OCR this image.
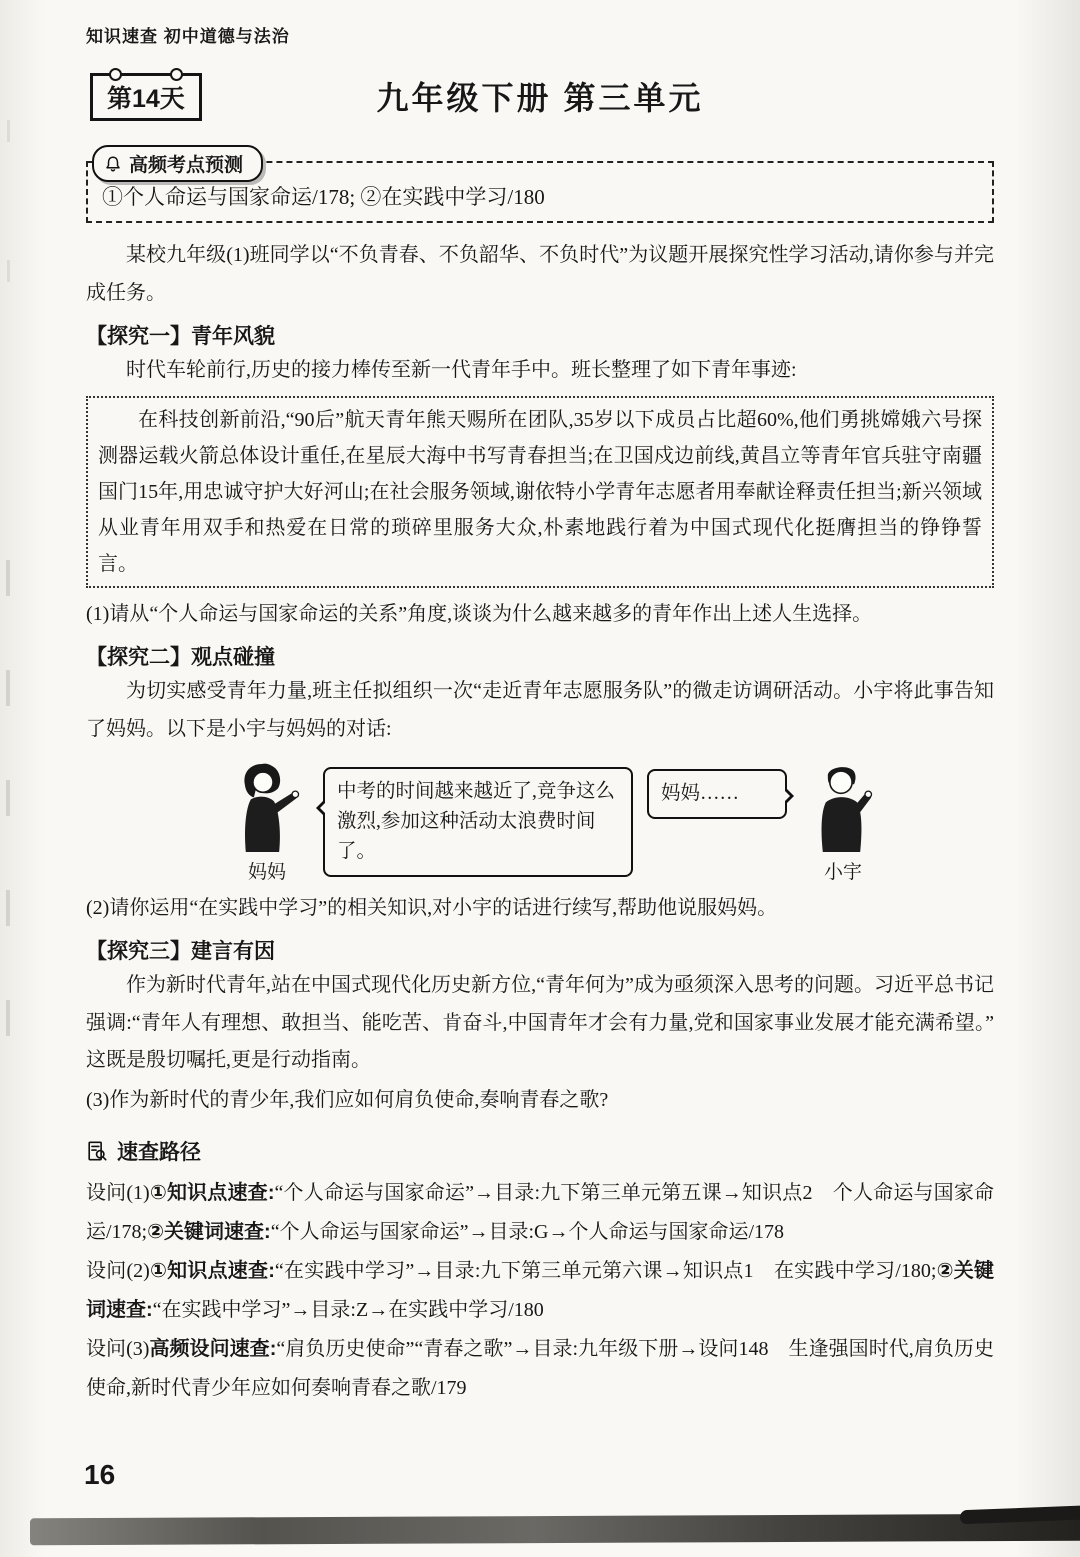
知识速查 初中道德与法治
第14天	九年级下册 第三单元
高频考点预测
①个人命运与国家命运/178; ②在实践中学习/180

某校九年级(1)班同学以“不负青春、不负韶华、不负时代”为议题开展探究性学习活动,请你参与并完成任务。

【探究一】青年风貌

时代车轮前行,历史的接力棒传至新一代青年手中。班长整理了如下青年事迹:

在科技创新前沿,“90后”航天青年熊天赐所在团队,35岁以下成员占比超60%,他们勇挑嫦娥六号探测器运载火箭总体设计重任,在星辰大海中书写青春担当;在卫国戍边前线,黄昌立等青年官兵驻守南疆国门15年,用忠诚守护大好河山;在社会服务领域,谢依特小学青年志愿者用奉献诠释责任担当;新兴领域从业青年用双手和热爱在日常的琐碎里服务大众,朴素地践行着为中国式现代化挺膺担当的铮铮誓言。

(1)请从“个人命运与国家命运的关系”角度,谈谈为什么越来越多的青年作出上述人生选择。

【探究二】观点碰撞

为切实感受青年力量,班主任拟组织一次“走近青年志愿服务队”的微走访调研活动。小宇将此事告知了妈妈。以下是小宇与妈妈的对话:

妈妈
中考的时间越来越近了,竞争这么激烈,参加这种活动太浪费时间了。
妈妈……
小宇

(2)请你运用“在实践中学习”的相关知识,对小宇的话进行续写,帮助他说服妈妈。

【探究三】建言有因

作为新时代青年,站在中国式现代化历史新方位,“青年何为”成为亟须深入思考的问题。习近平总书记强调:“青年人有理想、敢担当、能吃苦、肯奋斗,中国青年才会有力量,党和国家事业发展才能充满希望。”这既是殷切嘱托,更是行动指南。

(3)作为新时代的青少年,我们应如何肩负使命,奏响青春之歌?

速查路径
设问(1)①知识点速查:“个人命运与国家命运”→目录:九下第三单元第五课→知识点2　个人命运与国家命运/178;②关键词速查:“个人命运与国家命运”→目录:G→个人命运与国家命运/178
设问(2)①知识点速查:“在实践中学习”→目录:九下第三单元第六课→知识点1　在实践中学习/180;②关键词速查:“在实践中学习”→目录:Z→在实践中学习/180
设问(3)高频设问速查:“肩负历史使命”“青春之歌”→目录:九年级下册→设问148　生逢强国时代,肩负历史使命,新时代青少年应如何奏响青春之歌/179
16
